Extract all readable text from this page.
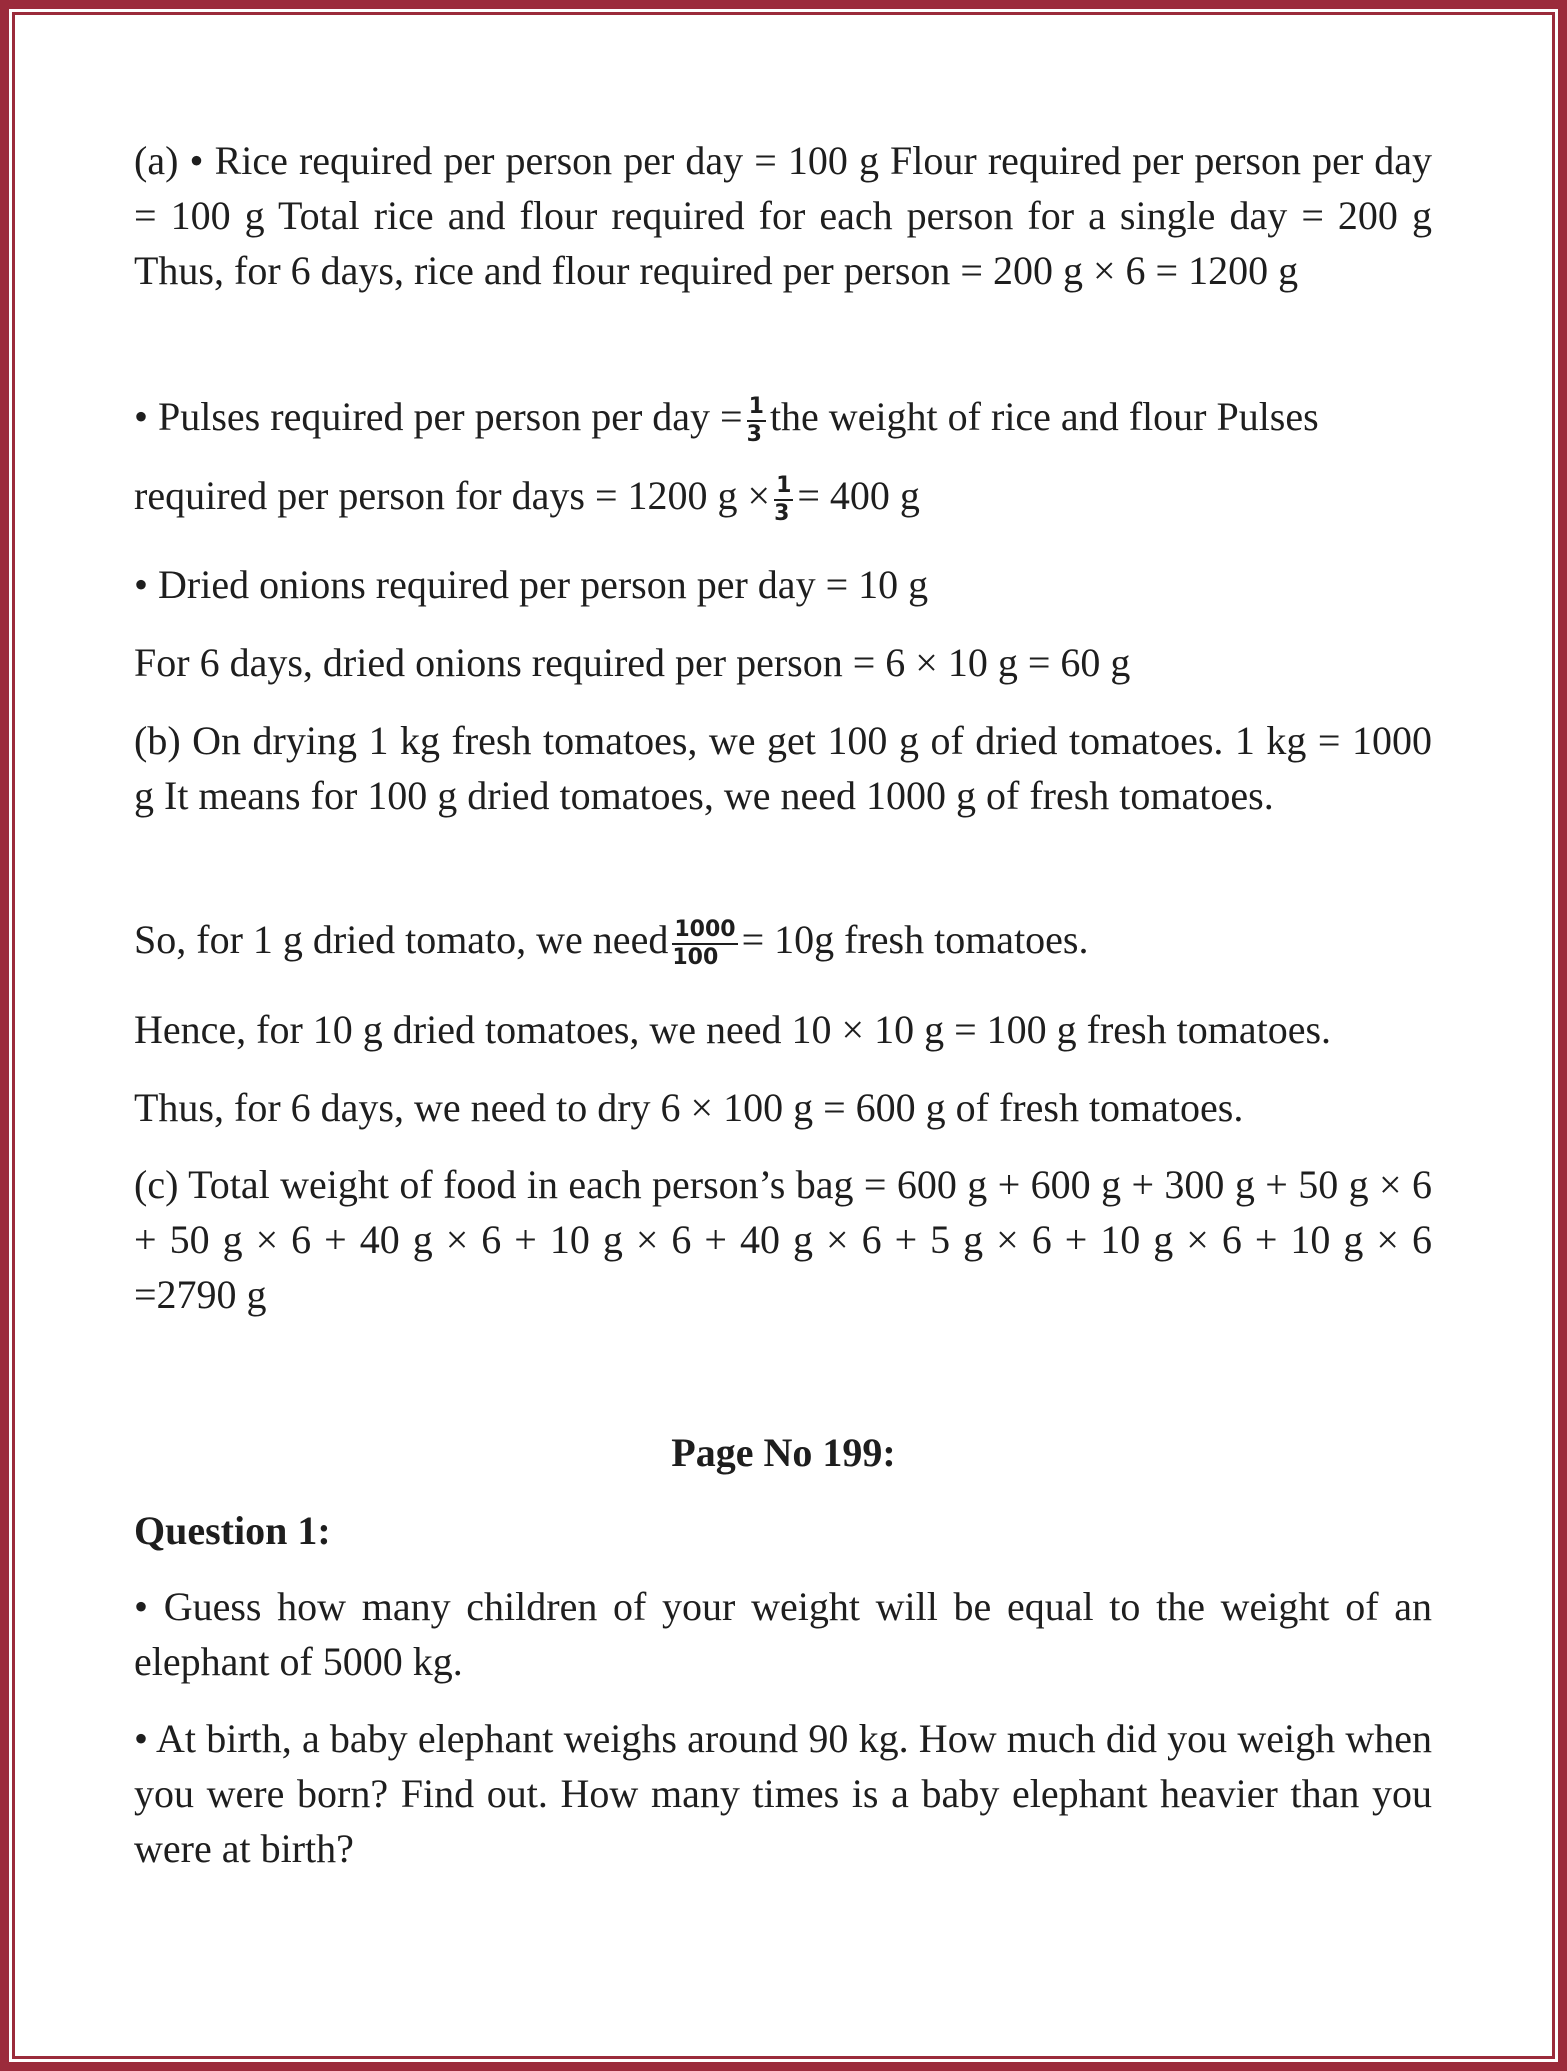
(a) • Rice required per person per day = 100 g Flour required per person per day = 100 g Total rice and flour required for each person for a single day = 200 g Thus, for 6 days, rice and flour required per person = 200 g × 6 = 1200 g
• Pulses required per person per day = $\frac{1}{3}$ the weight of rice and flour Pulses
required per person for days = 1200 $g \times \frac{1}{3} = 400$ g
• Dried onions required per person per day = 10 g
For 6 days, dried onions required per person = 6 × 10 g = 60 g
(b) On drying 1 kg fresh tomatoes, we get 100 g of dried tomatoes. 1 kg = 1000 g It means for 100 g dried tomatoes, we need 1000 g of fresh tomatoes.
So, for 1 g dried tomato, we need $\frac{1000}{100} = 10g$ fresh tomatoes.
Hence, for 10 g dried tomatoes, we need 10 × 10 g = 100 g fresh tomatoes.
Thus, for 6 days, we need to dry 6 × 100 g = 600 g of fresh tomatoes.
(c) Total weight of food in each person’s bag = 600 g + 600 g + 300 g + 50 g × 6 + 50 g × 6 + 40 g × 6 + 10 g × 6 + 40 g × 6 + 5 g × 6 + 10 g × 6 + 10 g × 6 =2790 g
Page No 199:
Question 1:
• Guess how many children of your weight will be equal to the weight of an elephant of 5000 kg.
• At birth, a baby elephant weighs around 90 kg. How much did you weigh when you were born? Find out. How many times is a baby elephant heavier than you were at birth?
